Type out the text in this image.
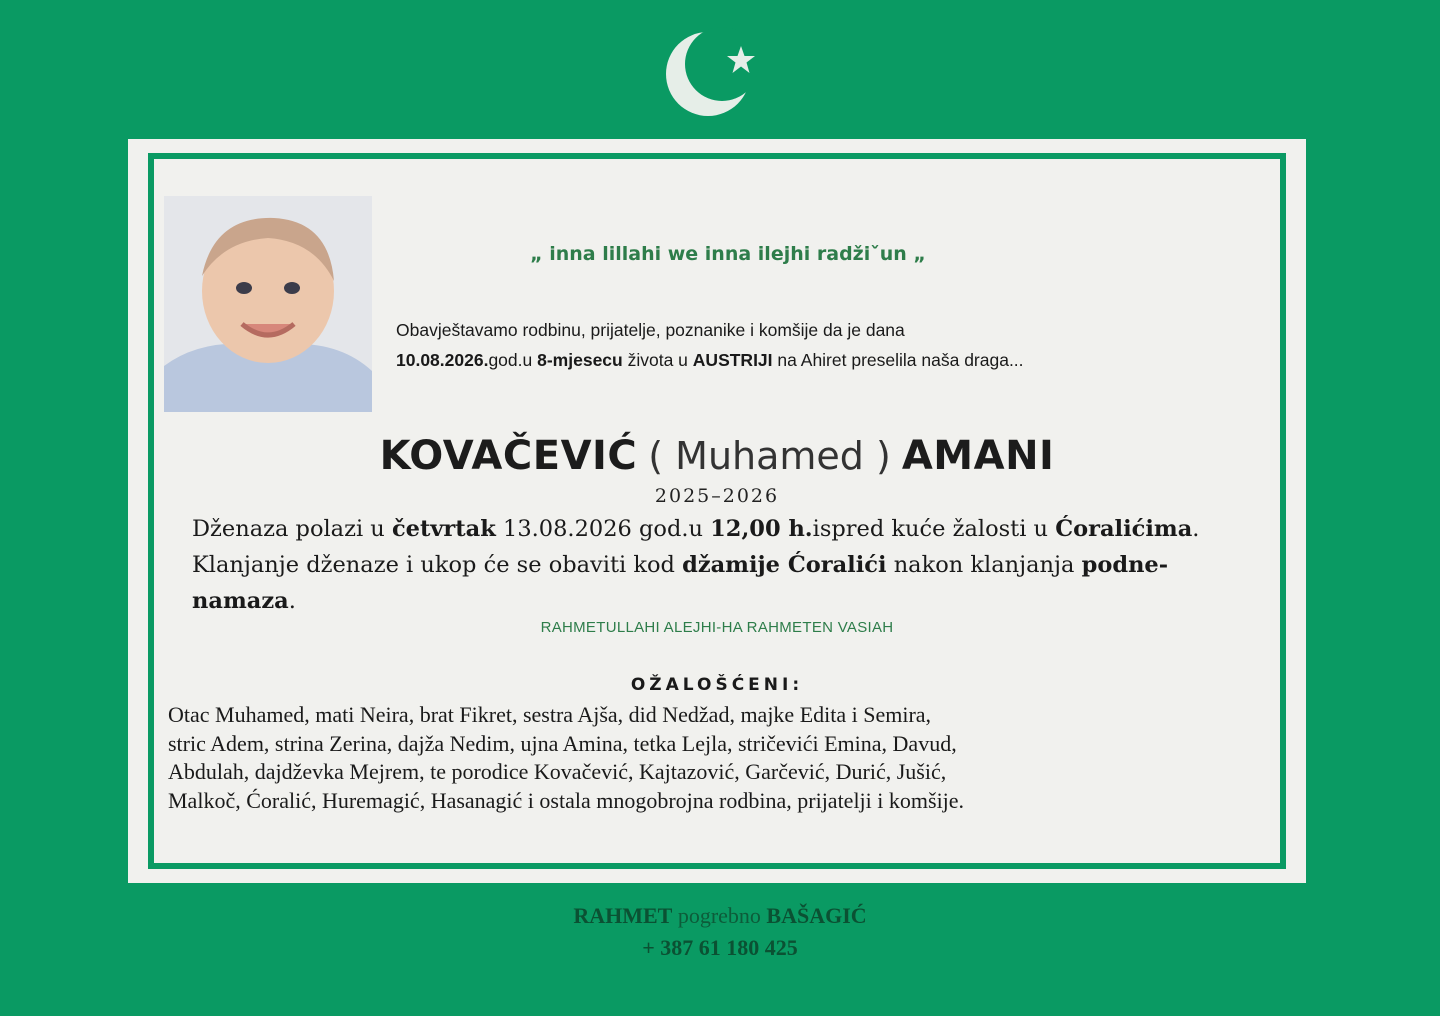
„ inna lillahi we inna ilejhi radžiˇun „
Obavještavamo rodbinu, prijatelje, poznanike i komšije da je dana
10.08.2026.god.u 8-mjesecu života u AUSTRIJI na Ahiret preselila naša draga...
KOVAČEVIĆ ( Muhamed ) AMANI
2025–2026
Dženaza polazi u četvrtak 13.08.2026 god.u 12,00 h.ispred kuće žalosti u Ćoralićima. Klanjanje dženaze i ukop će se obaviti kod džamije Ćoralići nakon klanjanja podne-namaza.
RAHMETULLAHI ALEJHI-HA RAHMETEN VASIAH
OŽALOŠĆENI:
Otac Muhamed, mati Neira, brat Fikret, sestra Ajša, did Nedžad, majke Edita i Semira,
stric Adem, strina Zerina, dajža Nedim, ujna Amina, tetka Lejla, stričevići Emina, Davud,
Abdulah, dajdževka Mejrem, te porodice Kovačević, Kajtazović, Garčević, Durić, Jušić,
Malkoč, Ćoralić, Huremagić, Hasanagić i ostala mnogobrojna rodbina, prijatelji i komšije.
RAHMET pogrebno BAŠAGIĆ
+ 387 61 180 425
